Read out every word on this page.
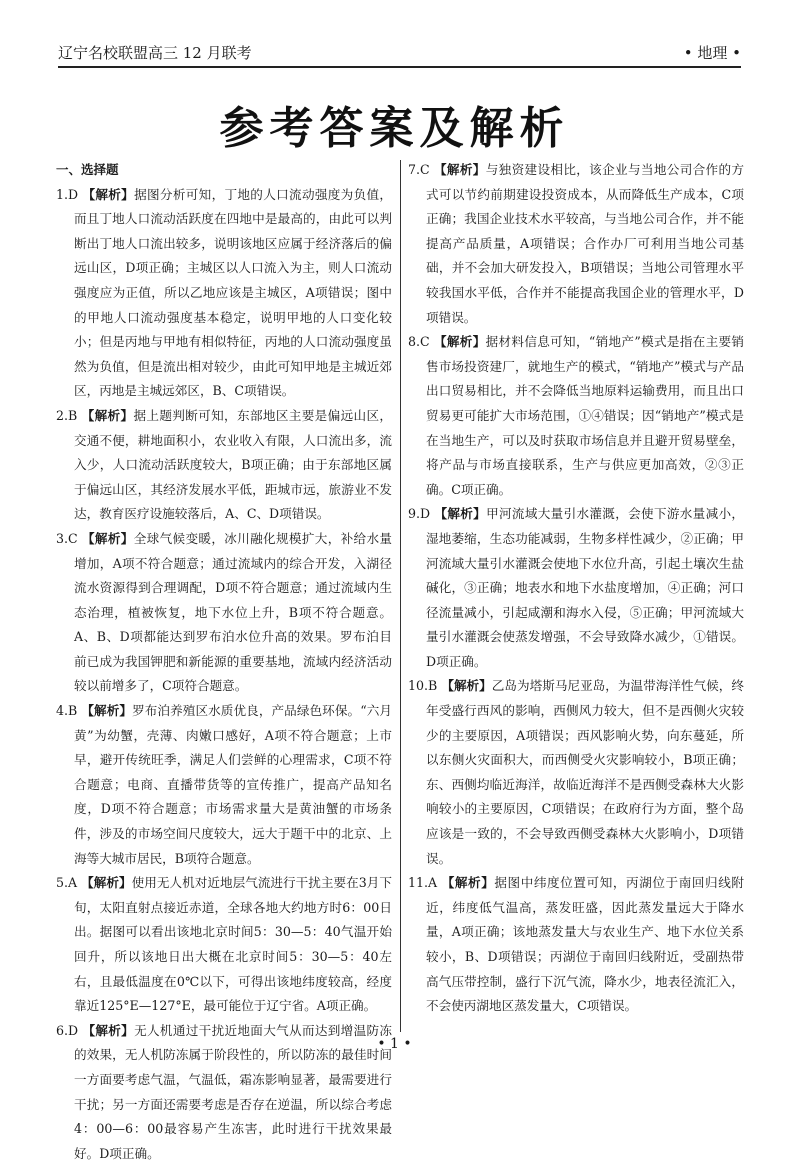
辽宁名校联盟高三 12 月联考	• 地理 •
参考答案及解析
一、选择题

1.D 【解析】据图分析可知，丁地的人口流动强度为负值，而且丁地人口流动活跃度在四地中是最高的，由此可以判断出丁地人口流出较多，说明该地区应属于经济落后的偏远山区，D项正确；主城区以人口流入为主，则人口流动强度应为正值，所以乙地应该是主城区，A项错误；图中的甲地人口流动强度基本稳定，说明甲地的人口变化较小；但是丙地与甲地有相似特征，丙地的人口流动强度虽然为负值，但是流出相对较少，由此可知甲地是主城近郊区，丙地是主城远郊区，B、C项错误。

2.B 【解析】据上题判断可知，东部地区主要是偏远山区，交通不便，耕地面积小，农业收入有限，人口流出多，流入少，人口流动活跃度较大，B项正确；由于东部地区属于偏远山区，其经济发展水平低，距城市远，旅游业不发达，教育医疗设施较落后，A、C、D项错误。

3.C 【解析】全球气候变暖，冰川融化规模扩大，补给水量增加，A项不符合题意；通过流域内的综合开发，入湖径流水资源得到合理调配，D项不符合题意；通过流域内生态治理，植被恢复，地下水位上升，B项不符合题意。A、B、D项都能达到罗布泊水位升高的效果。罗布泊目前已成为我国钾肥和新能源的重要基地，流域内经济活动较以前增多了，C项符合题意。

4.B 【解析】罗布泊养殖区水质优良，产品绿色环保。“六月黄”为幼蟹，壳薄、肉嫩口感好，A项不符合题意；上市早，避开传统旺季，满足人们尝鲜的心理需求，C项不符合题意；电商、直播带货等的宣传推广，提高产品知名度，D项不符合题意；市场需求量大是黄油蟹的市场条件，涉及的市场空间尺度较大，远大于题干中的北京、上海等大城市居民，B项符合题意。

5.A 【解析】使用无人机对近地层气流进行干扰主要在3月下旬，太阳直射点接近赤道，全球各地大约地方时6：00日出。据图可以看出该地北京时间5：30—5：40气温开始回升，所以该地日出大概在北京时间5：30—5：40左右，且最低温度在0℃以下，可得出该地纬度较高，经度靠近125°E—127°E，最可能位于辽宁省。A项正确。

6.D 【解析】无人机通过干扰近地面大气从而达到增温防冻的效果，无人机防冻属于阶段性的，所以防冻的最佳时间一方面要考虑气温，气温低，霜冻影响显著，最需要进行干扰；另一方面还需要考虑是否存在逆温，所以综合考虑4：00—6：00最容易产生冻害，此时进行干扰效果最好。D项正确。

7.C 【解析】与独资建设相比，该企业与当地公司合作的方式可以节约前期建设投资成本，从而降低生产成本，C项正确；我国企业技术水平较高，与当地公司合作，并不能提高产品质量，A项错误；合作办厂可利用当地公司基础，并不会加大研发投入，B项错误；当地公司管理水平较我国水平低，合作并不能提高我国企业的管理水平，D项错误。

8.C 【解析】据材料信息可知，“销地产”模式是指在主要销售市场投资建厂，就地生产的模式，“销地产”模式与产品出口贸易相比，并不会降低当地原料运输费用，而且出口贸易更可能扩大市场范围，①④错误；因“销地产”模式是在当地生产，可以及时获取市场信息并且避开贸易壁垒，将产品与市场直接联系，生产与供应更加高效，②③正确。C项正确。

9.D 【解析】甲河流域大量引水灌溉，会使下游水量减小，湿地萎缩，生态功能减弱，生物多样性减少，②正确；甲河流域大量引水灌溉会使地下水位升高，引起土壤次生盐碱化，③正确；地表水和地下水盐度增加，④正确；河口径流量减小，引起咸潮和海水入侵，⑤正确；甲河流域大量引水灌溉会使蒸发增强，不会导致降水减少，①错误。D项正确。

10.B 【解析】乙岛为塔斯马尼亚岛，为温带海洋性气候，终年受盛行西风的影响，西侧风力较大，但不是西侧火灾较少的主要原因，A项错误；西风影响火势，向东蔓延，所以东侧火灾面积大，而西侧受火灾影响较小，B项正确；东、西侧均临近海洋，故临近海洋不是西侧受森林大火影响较小的主要原因，C项错误；在政府行为方面，整个岛应该是一致的，不会导致西侧受森林大火影响小，D项错误。

11.A 【解析】据图中纬度位置可知，丙湖位于南回归线附近，纬度低气温高，蒸发旺盛，因此蒸发量远大于降水量，A项正确；该地蒸发量大与农业生产、地下水位关系较小，B、D项错误；丙湖位于南回归线附近，受副热带高气压带控制，盛行下沉气流，降水少，地表径流汇入，不会使丙湖地区蒸发量大，C项错误。

• 1 •
